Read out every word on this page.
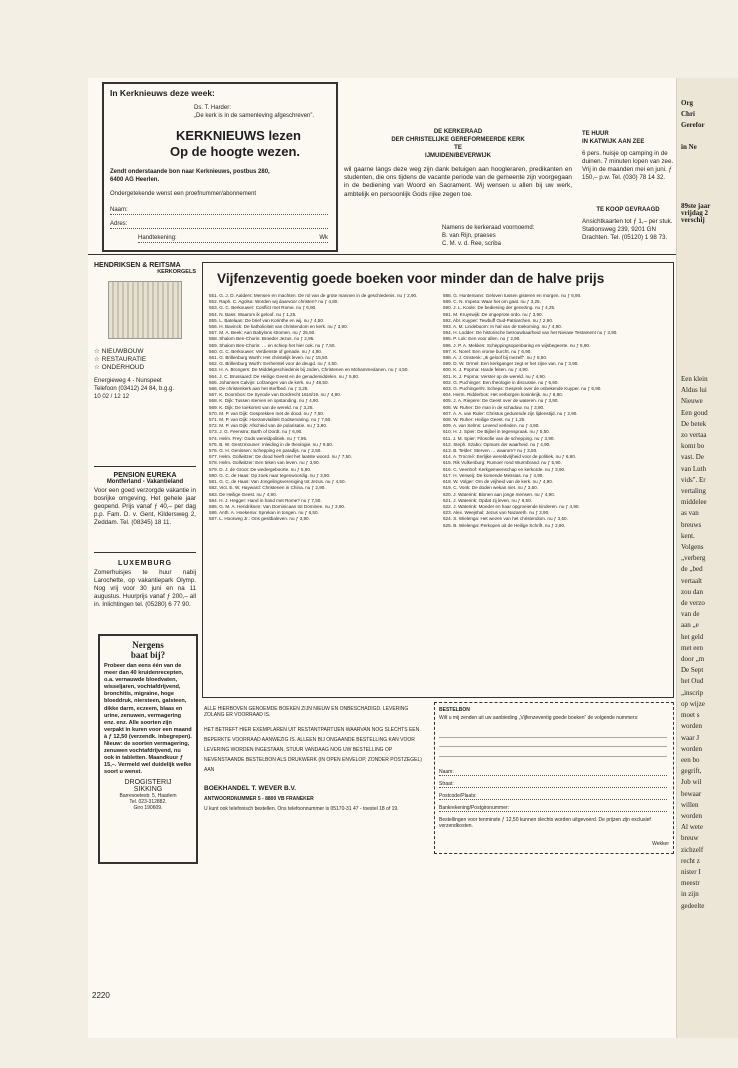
In Kerknieuws deze week:
Ds. T. Harder:
„De kerk is in de samenleving afgeschreven”.
KERKNIEUWS lezen
Op de hoogte wezen.
Zendt onderstaande bon naar Kerknieuws, postbus 280,
6400 AG Heerlen.
Ondergetekende wenst een proefnummer/abonnement
Naam:
Adres:
Handtekening:	Wk
DE KERKERAAD
DER CHRISTELIJKE GEREFORMEERDE KERK
TE
IJMUIDEN/BEVERWIJK
wil gaarne langs deze weg zijn dank betuigen aan hoogleraren, predikanten en studenten, die ons tijdens de vacante periode van de gemeente zijn voorgegaan in de bediening van Woord en Sacrament. Wij wensen u allen bij uw werk, ambtelijk en persoonlijk Gods rijke zegen toe.
Namens de kerkeraad voornoemd:
B. van Rijn, praeses
C. M. v. d. Ree, scriba
TE HUUR
IN KATWIJK AAN ZEE
6 pers. huisje op camping in de duinen. 7 minuten lopen van zee. Vrij in de maanden mei en juni. ƒ 150,– p.w. Tel. (030) 78 14 32.
TE KOOP GEVRAAGD
Ansichtkaarten tot ƒ 1,– per stuk. Stationsweg 239, 9201 GN Drachten. Tel. (05120) 1 98 73.
HENDRIKSEN & REITSMA
KERKORGELS
☆ NIEUWBOUW
☆ RESTAURATIE
☆ ONDERHOUD
Energieweg 4 - Nunspeet
Telefoon (03412) 24 84, b.g.g.
10 02 / 12 12
PENSION EUREKA
Montferland - Vakantieland
Voor een goed verzorgde vakantie in bosrijke omgeving. Het gehele jaar geopend. Prijs vanaf ƒ 40,– per dag p.p. Fam. D. v. Gent, Kildersweg 2, Zeddam. Tel. (08345) 18 11.
LUXEMBURG
Zomerhuisjes te huur nabij Larochette, op vakantiepark Olymp. Nog vrij voor 30 juni en na 11 augustus. Huurprijs vanaf ƒ 200,– all in. Inlichtingen tel. (05280) 6 77 90.
Nergens
baat bij?
Probeer dan eens één van de meer dan 40 kruidenrecepten, o.a. vernauwde bloedvaten, wisseljaren, vochtafdrijvend, bronchitis, migraine, hoge bloeddruk, niersteen, galsteen, dikke darm, eczeem, blaas en urine, zenuwen, vermagering enz. enz. Alle soorten zijn verpakt in kuren voor een maand à ƒ 12,50 (verzendk. inbegrepen). Nieuw: de soorten vermagering, zenuwen vochtafdrijvend, nu ook in tabletten. Maandkuur ƒ 15,–. Vermeld wel duidelijk welke soort u wenst.
DROGISTERIJ
SIKKING
Barrevoetestr. 5, Haarlem
Tel. 023-312882.
Giro 190609.
2220
Vijfenzeventig goede boeken voor minder dan de halve prijs
551. G. J. D. Aalders: Mensen en machten. De rol van de grote mannen in de geschiedenis. nu ƒ 2,90.
552. Raph. C. Agolsa: Worden wij daarvoor christen? nu ƒ 4,80.
553. G. C. Berkouwer: Conflict met Rome. nu ƒ 6,90.
554. N. Bass: Waarom ik geloof. nu ƒ 1,25.
555. L. Batelaan: De brief van Korinthe en wij. nu ƒ 4,50.
556. H. Bavinck: De katholiciteit van christendom en kerk. nu ƒ 3,90.
557. M. A. Beek: Aan Babylons stromen. nu ƒ 25,50.
558. Shalom Ben-Chorin: Broeder Jezus. nu ƒ 2,95.
559. Shalom Ben-Chorin: … en schiep het hier ook. nu ƒ 7,50.
560. G. C. Berkouwer: Verdienste of genade. nu ƒ 4,90.
561. G. Brillenburg Wurth: Het christelijk leven. nu ƒ 15,50.
562. G. Brillenburg Wurth: Eerherstel voor de deugd. nu ƒ 4,50.
563. H. A. Brongers: De Middelgeschiedenis bij Joden, Christenen en Mohammedanen. nu ƒ 4,50.
564. J. C. Brussaard: De Heilige Geest en de genademiddelen. nu ƒ 5,80.
565. Johannes Calvijn: Lofzangen van de kerk. nu ƒ 48,50.
566. De christenkerk aan het sterfbed. nu ƒ 3,25.
567. K. Doornbos: De Synode van Dordrecht 1618/19. nu ƒ 4,90.
568. K. Dijk: Tussen sterven en opstanding. nu ƒ 4,90.
569. K. Dijk: De toekomst van de wereld. nu ƒ 3,25.
570. M. P. van Dijk: Gesprekken met de dood. nu ƒ 7,50.
571. M. P. van Dijk: Hoezanvtaliteit Godservaring. nu ƒ 7,50.
572. M. P. van Dijk: Afscheid van de polarisatie. nu ƒ 3,90.
573. J. G. Feenstra: Barth of Dordt. nu ƒ 6,90.
574. Helm. Frey: Gods wereldpolitiek. nu ƒ 7,95.
575. B. W. Gentzmouner: Inleiding in de theologie. nu ƒ 9,50.
576. G. H. Genissen: Schepping en paradijs. nu ƒ 2,50.
577. Helm. Gollwitzer: De dood heeft niet het laatste woord. nu ƒ 7,50.
578. Helm. Gollwitzer: Een teken van leven. nu ƒ 3,90.
579. D. J. de Groot: De wedergeboorte. nu ƒ 5,90.
580. G. C. de Haas: Op zoek naar tegenwoordig. nu ƒ 3,90.
581. G. C. de Haas: Van Jongelingsvereniging tot Jezus. nu ƒ 4,50.
582. Vict. E. W. Hayward: Christenen in China. nu ƒ 2,90.
583. De Heilige Geest. nu ƒ 4,90.
584. H. J. Hegger: Hand in hand met Rome? nu ƒ 7,50.
585. G. M. A. Hendriksen: Van Dominicaan tot Dominee. nu ƒ 3,90.
586. Anth. A. Hoekema: Sprekan in tongen. nu ƒ 6,50.
587. L. Hoorweg Jr.: Ons gesitbaleven. nu ƒ 3,90.
588. G. Huntemann: Geloven tussen gisteren en morgen. nu ƒ 6,90.
589. C. N. Impeta: Waar het om gaat. nu ƒ 3,25.
590. J. L. Koole: De bediening der genezing. nu ƒ 4,25.
591. M. Kruyswijk: De ongeprote ordo. nu ƒ 3,90.
592. Abr. Kuyper: Tewbuff Oud-Patriarchen. nu ƒ 2,90.
593. A. M. Lindeboom: In hal van de toekoming. nu ƒ 4,90.
594. H. Lodder: De historische betrouwbaarheid van het Nieuwe Testament nu ƒ 3,90.
595. P. Lok: Een voor allen. nu ƒ 2,90.
596. J. P. A. Mekkes: Scheppingsopenbaring en wijsbegeerte. nu ƒ 5,90.
597. K. Norel: Een vrome burcht. nu ƒ 6,90.
598. A. J. Onstenk: „Ik geloof bij mezelf”. nu ƒ 8,50.
599. D. W. Ormel: Een kerkganger zegt er het zijne van. nu ƒ 3,90.
600. K. J. Popma: Harde feiten. nu ƒ 4,90.
601. K. J. Popma: Verster op de wereld. nu ƒ 4,90.
602. G. Puchinger: Een theologie in discussie. nu ƒ 6,90.
603. G. Puchinger/N. Scheps: Gesprek over de onbekende Kuyper. nu ƒ 6,90.
604. Herm. Ridderbos: Het verborgen koninkrijk. nu ƒ 6,90.
605. J. A. Riepere: De Geest over de wateren. nu ƒ 3,90.
606. W. Ruher: De man in de schaduw. nu ƒ 3,90.
607. A. A. van Ruler: Christus gedurende zijn lijdenstijd. nu ƒ 2,90.
608. W. Ruher: Heilige Geest. nu ƒ 1,25.
609. A. van Selms: Levend verleden. nu ƒ 4,90.
610. H. J. Spier: De Bijbel in tegenspraak. nu ƒ 5,50.
611. J. M. Spier: Filosofie van de schepping. nu ƒ 3,90.
612. Steph. Szabo: Opmars der waarheid. nu ƒ 4,90.
613. B. Telder: Sterven … waarom? nu ƒ 3,50.
614. A. Trocmé: Eerlijke wereldvrijheid voor de politiek. nu ƒ 6,90.
615. Rik Vulkenburg: Rumoer rond Wurmbrand. nu ƒ 5,90.
616. C. Veenhof: Kerkgemeenschap en kerkorde. nu ƒ 3,90.
617. H. Verweij: De komende Messias. nu ƒ 4,90.
618. W. Volger: Om de vrijheid van de kerk. nu ƒ 4,90.
619. C. Vonk: De doden wekan niet. nu ƒ 3,50.
620. J. Waterink: Binnen aan jonge mensen. nu ƒ 4,90.
621. J. Waterink: Opdat zij leven. nu ƒ 6,50.
622. J. Waterink: Moeder en haar opgroeiende kinderen. nu ƒ 4,90.
623. Alex. Weejshal: Jezus van Nazareth. nu ƒ 3,90.
624. S. Wielenga: Het wezen van het christendom. nu ƒ 3,50.
625. B. Wielenga: Perkopen uit de Heilige Schrift. nu ƒ 2,90.
ALLE HIERBOVEN GENOEMDE BOEKEN ZIJN NIEUW EN ONBESCHADIGD. LEVERING ZOLANG ER VOORRAAD IS.
HET BETREFT HIER EXEMPLAREN UIT RESTANTPARTIJEN WAARVAN NOG SLECHTS EEN BEPERKTE VOORRAAD AANWEZIG IS. ALLEEN BIJ ONGAANDE BESTELLING KAN VOOR LEVERING WORDEN INGESTAAN. STUUR VANDAAG NOG UW BESTELLING OP NEVENSTAANDE BESTELBON ALS DRUKWERK (IN OPEN ENVELOP, ZONDER POSTZEGEL) AAN
BOEKHANDEL T. WEVER B.V.
ANTWOORDNUMMER 5 - 8800 VB FRANEKER
U kunt ook telefonisch bestellen. Ons telefoonnummer is 05170-31 47 - toestel 18 of 19.
BESTELBON
Wilt u mij zenden uit uw aanbieding „Vijfenzeventig goede boeken” de volgende nummers:
Naam:
Straat:
Postcode/Plaats:
Bankrekening/Postgironummer:
Bestellingen voor tenminste ƒ 12,50 kunnen slechts worden uitgevoerd. De prijzen zijn exclusief verzendkosten.
Wekker
Org
Chri
Gerefor

in Ne
89ste jaar
vrijdag 2
verschij
Een klein
Aldus lui
Nieuwe
Een goud
De betek
zo vertaa
komt bo
vast. De
van Luth
vids". Er
vertaling
middelee
as van
breuws
kent.
Volgens
„verberg
de „bed
vertaalt
zou dan
de verzo
van de
aan „e
het geld
met een
door „m
De Sept
het Oud
„inscrip
op wijze
moet s
worden
waar J
worden
een bo
gegrift,
Job wil
bewaar
willen
worden
Al wete
breuw
zichzelf
recht z
nister I
meestr
in zijn
gedeelte
